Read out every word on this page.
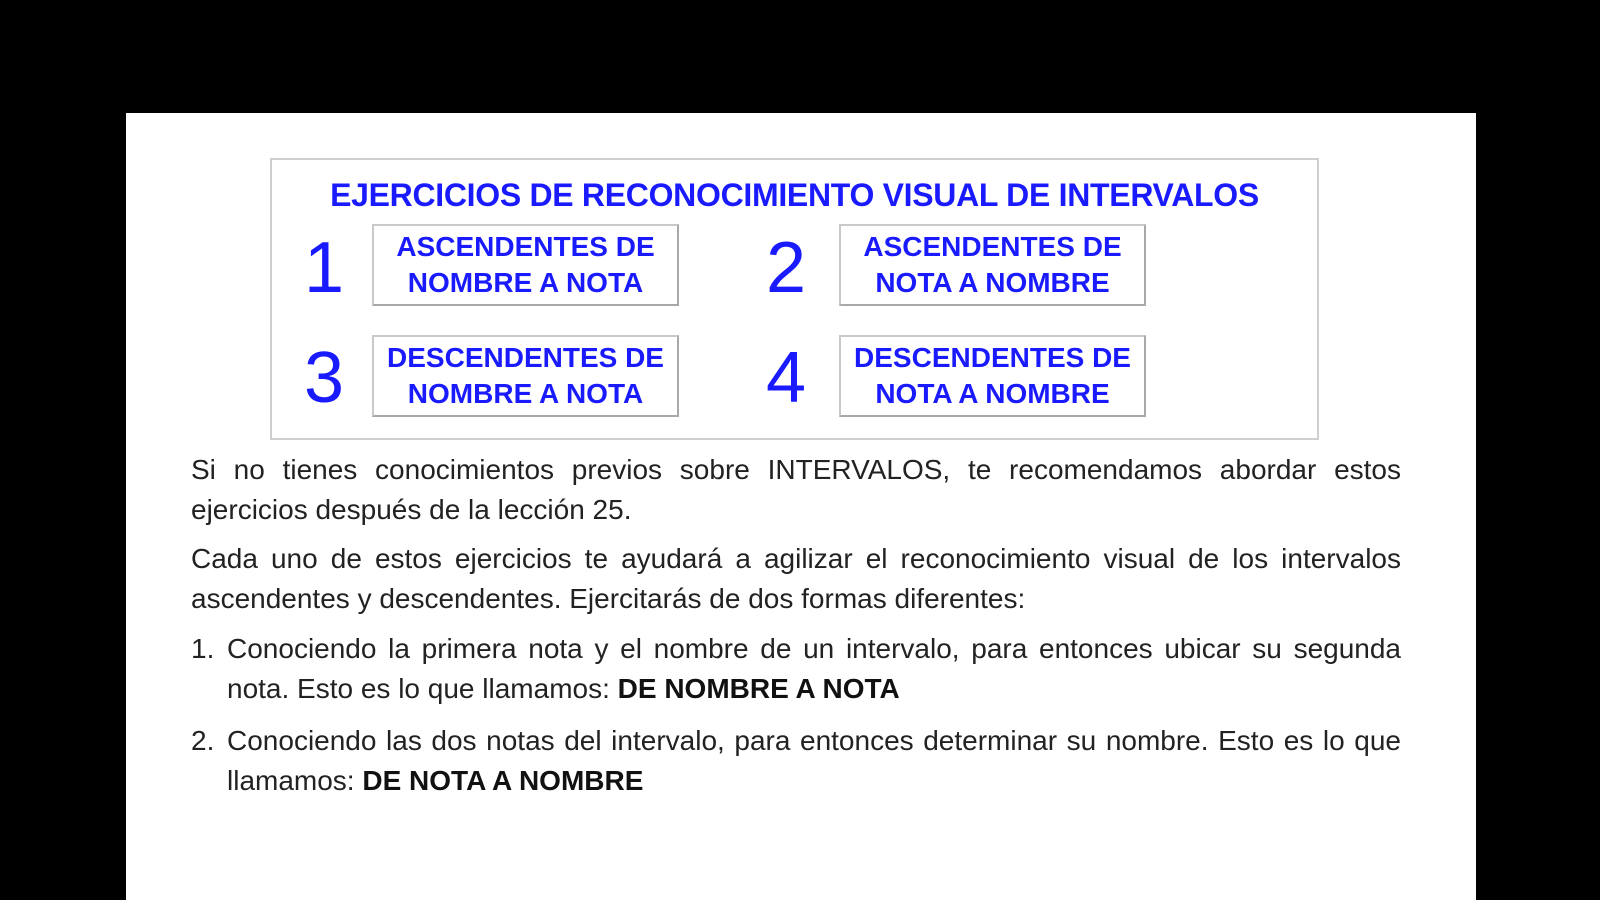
EJERCICIOS DE RECONOCIMIENTO VISUAL DE INTERVALOS
1	ASCENDENTES DE
NOMBRE A NOTA	2	ASCENDENTES DE
NOTA A NOMBRE
3	DESCENDENTES DE
NOMBRE A NOTA	4	DESCENDENTES DE
NOTA A NOMBRE

Si no tienes conocimientos previos sobre INTERVALOS, te recomendamos abordar estos ejercicios después de la lección 25.

Cada uno de estos ejercicios te ayudará a agilizar el reconocimiento visual de los intervalos ascendentes y descendentes. Ejercitarás de dos formas diferentes:

1. Conociendo la primera nota y el nombre de un intervalo, para entonces ubicar su segunda nota. Esto es lo que llamamos: DE NOMBRE A NOTA
2. Conociendo las dos notas del intervalo, para entonces determinar su nombre. Esto es lo que llamamos: DE NOTA A NOMBRE
